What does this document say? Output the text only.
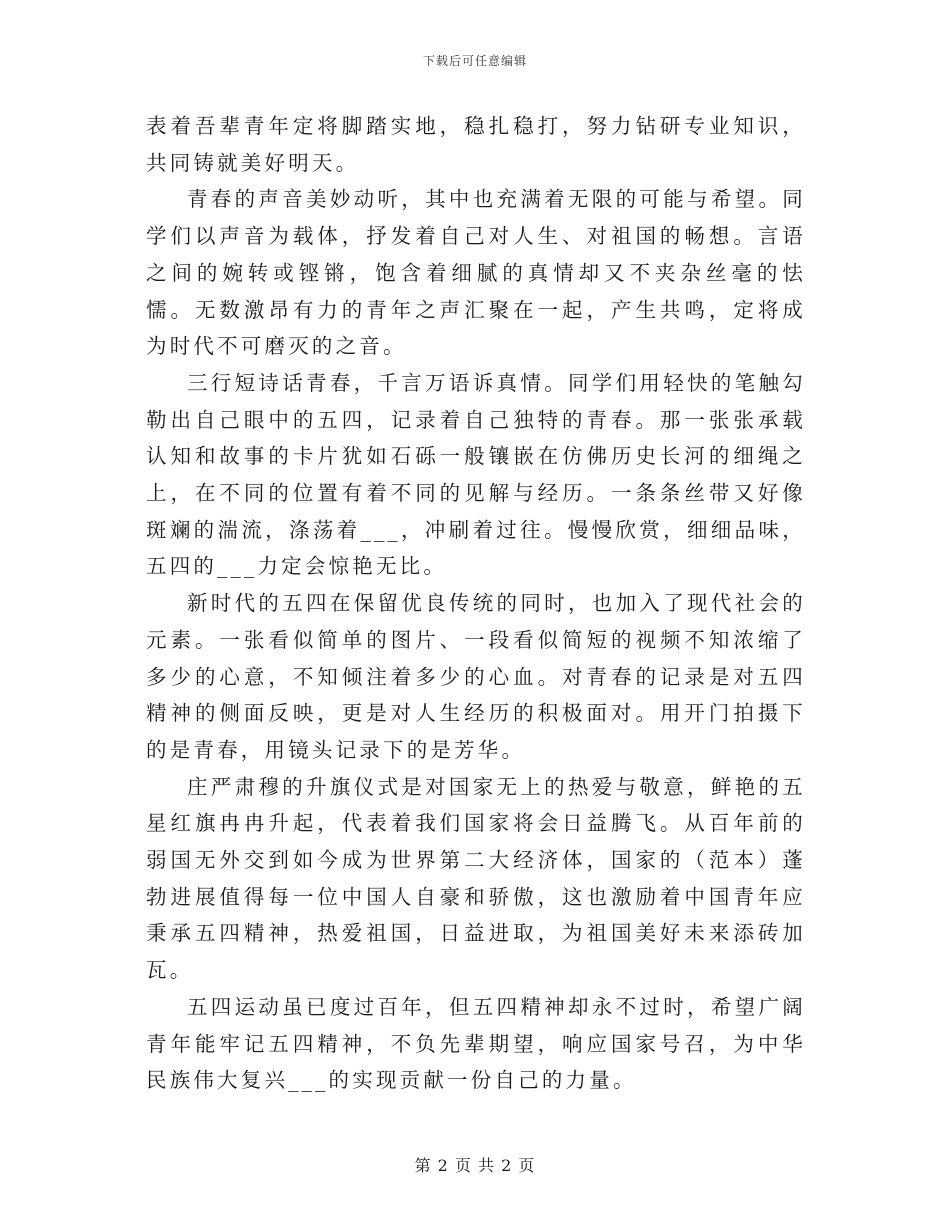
下载后可任意编辑

表着吾辈青年定将脚踏实地，稳扎稳打，努力钻研专业知识，共同铸就美好明天。

青春的声音美妙动听，其中也充满着无限的可能与希望。同学们以声音为载体，抒发着自己对人生、对祖国的畅想。言语之间的婉转或铿锵，饱含着细腻的真情却又不夹杂丝毫的怯懦。无数激昂有力的青年之声汇聚在一起，产生共鸣，定将成为时代不可磨灭的之音。

三行短诗话青春，千言万语诉真情。同学们用轻快的笔触勾勒出自己眼中的五四，记录着自己独特的青春。那一张张承载认知和故事的卡片犹如石砾一般镶嵌在仿佛历史长河的细绳之上，在不同的位置有着不同的见解与经历。一条条丝带又好像斑斓的湍流，涤荡着___，冲刷着过往。慢慢欣赏，细细品味，五四的___力定会惊艳无比。

新时代的五四在保留优良传统的同时，也加入了现代社会的元素。一张看似简单的图片、一段看似简短的视频不知浓缩了多少的心意，不知倾注着多少的心血。对青春的记录是对五四精神的侧面反映，更是对人生经历的积极面对。用开门拍摄下的是青春，用镜头记录下的是芳华。

庄严肃穆的升旗仪式是对国家无上的热爱与敬意，鲜艳的五星红旗冉冉升起，代表着我们国家将会日益腾飞。从百年前的弱国无外交到如今成为世界第二大经济体，国家的（范本）蓬勃进展值得每一位中国人自豪和骄傲，这也激励着中国青年应秉承五四精神，热爱祖国，日益进取，为祖国美好未来添砖加瓦。

五四运动虽已度过百年，但五四精神却永不过时，希望广阔青年能牢记五四精神，不负先辈期望，响应国家号召，为中华民族伟大复兴___的实现贡献一份自己的力量。

第 2 页 共 2 页
